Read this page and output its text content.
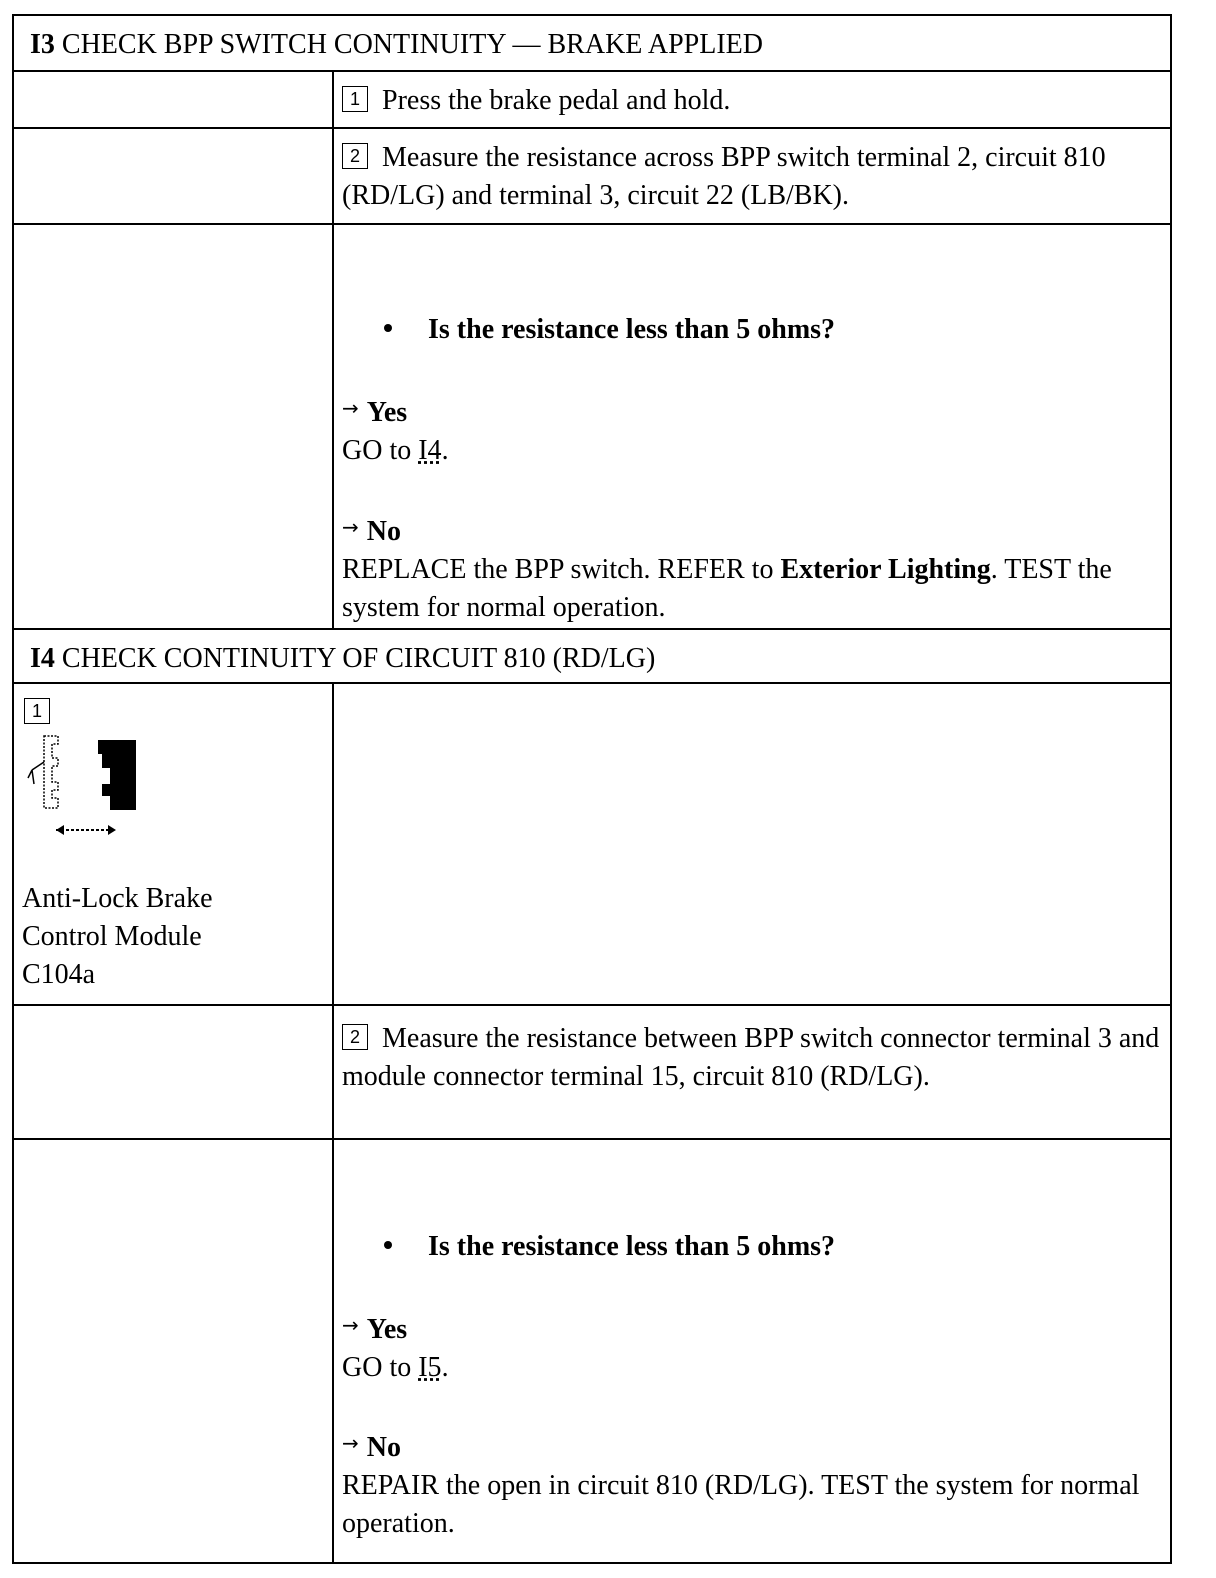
I3 CHECK BPP SWITCH CONTINUITY — BRAKE APPLIED
1 Press the brake pedal and hold.
2 Measure the resistance across BPP switch terminal 2, circuit 810 (RD/LG) and terminal 3, circuit 22 (LB/BK).
Is the resistance less than 5 ohms?
→ Yes
GO to I4.
→ No
REPLACE the BPP switch. REFER to Exterior Lighting. TEST the system for normal operation.
I4 CHECK CONTINUITY OF CIRCUIT 810 (RD/LG)
1
Anti-Lock Brake
Control Module
C104a
2 Measure the resistance between BPP switch connector terminal 3 and module connector terminal 15, circuit 810 (RD/LG).
Is the resistance less than 5 ohms?
→ Yes
GO to I5.
→ No
REPAIR the open in circuit 810 (RD/LG). TEST the system for normal operation.
